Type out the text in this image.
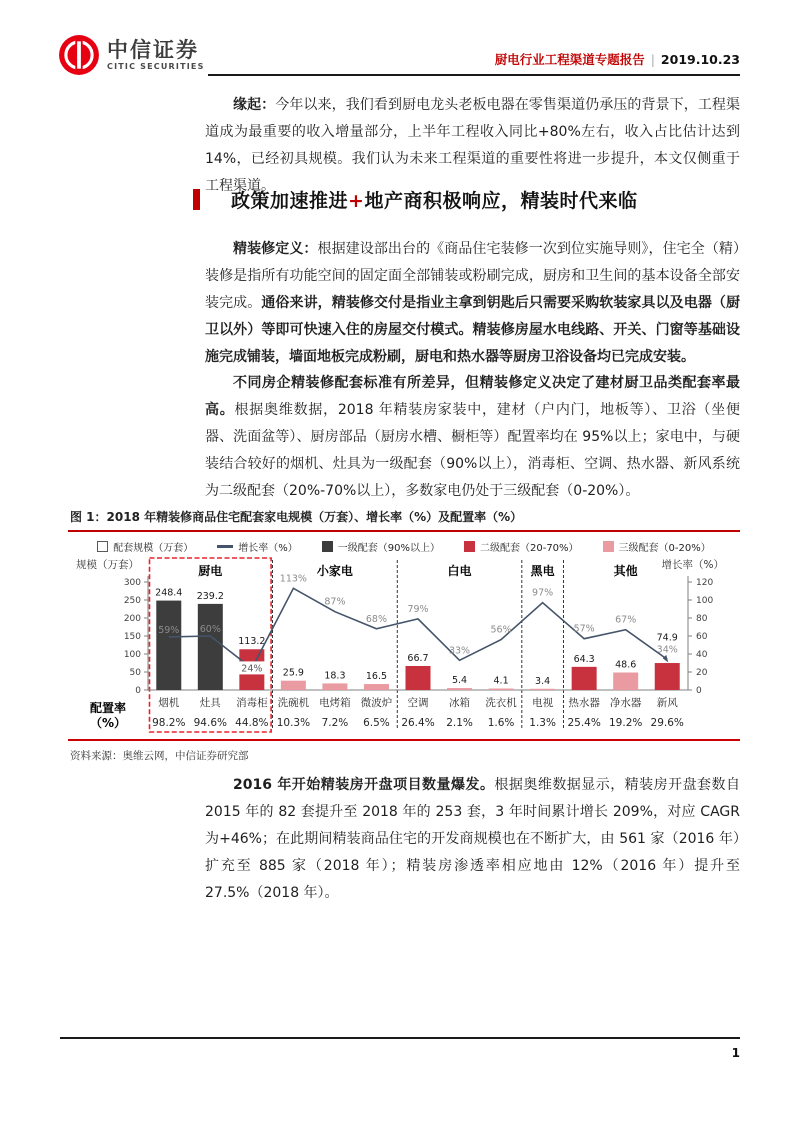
中信证券
CITIC SECURITIES	厨电行业工程渠道专题报告 | 2019.10.23
缘起：今年以来，我们看到厨电龙头老板电器在零售渠道仍承压的背景下，工程渠道成为最重要的收入增量部分，上半年工程收入同比+80%左右，收入占比估计达到 14%，已经初具规模。我们认为未来工程渠道的重要性将进一步提升，本文仅侧重于工程渠道。
政策加速推进+地产商积极响应，精装时代来临
精装修定义：根据建设部出台的《商品住宅装修一次到位实施导则》，住宅全（精）装修是指所有功能空间的固定面全部铺装或粉刷完成，厨房和卫生间的基本设备全部安装完成。通俗来讲，精装修交付是指业主拿到钥匙后只需要采购软装家具以及电器（厨卫以外）等即可快速入住的房屋交付模式。精装修房屋水电线路、开关、门窗等基础设施完成铺装，墙面地板完成粉刷，厨电和热水器等厨房卫浴设备均已完成安装。
不同房企精装修配套标准有所差异，但精装修定义决定了建材厨卫品类配套率最高。根据奥维数据，2018 年精装房家装中，建材（户内门，地板等）、卫浴（坐便器、洗面盆等）、厨房部品（厨房水槽、橱柜等）配置率均在 95%以上；家电中，与硬装结合较好的烟机、灶具为一级配套（90%以上），消毒柜、空调、热水器、新风系统为二级配套（20%-70%以上），多数家电仍处于三级配套（0-20%）。
图 1：2018 年精装修商品住宅配套家电规模（万套）、增长率（%）及配置率（%）
配套规模（万套）	增长率（%）	一级配套（90%以上）	二级配套（20-70%）	三级配套（0-20%）
厨电	小家电	白电	黑电	其他
0
50
100
150
200
250
300
0
20
40
60
80
100
120
规模（万套）	增长率（%）
248.4 239.2
113.2
25.9 18.3 16.5
66.7
5.4	4.1	3.4
64.3
48.6
74.9
59% 60%
24%
113%
87%
68%
79%
33%
56%
97%
57%
67%
34%
烟机 灶具 消毒柜 洗碗机 电烤箱 微波炉 空调 冰箱 洗衣机 电视 热水器 净水器 新风
98.2% 94.6% 44.8% 10.3% 7.2% 6.5% 26.4% 2.1% 1.6% 1.3% 25.4% 19.2% 29.6%
配置率
（%）
资料来源：奥维云网，中信证券研究部
2016 年开始精装房开盘项目数量爆发。根据奥维数据显示，精装房开盘套数自 2015 年的 82 套提升至 2018 年的 253 套，3 年时间累计增长 209%，对应 CAGR 为+46%；在此期间精装商品住宅的开发商规模也在不断扩大，由 561 家（2016 年）扩充至 885 家（2018 年）；精装房渗透率相应地由 12%（2016 年）提升至 27.5%（2018 年）。
1
